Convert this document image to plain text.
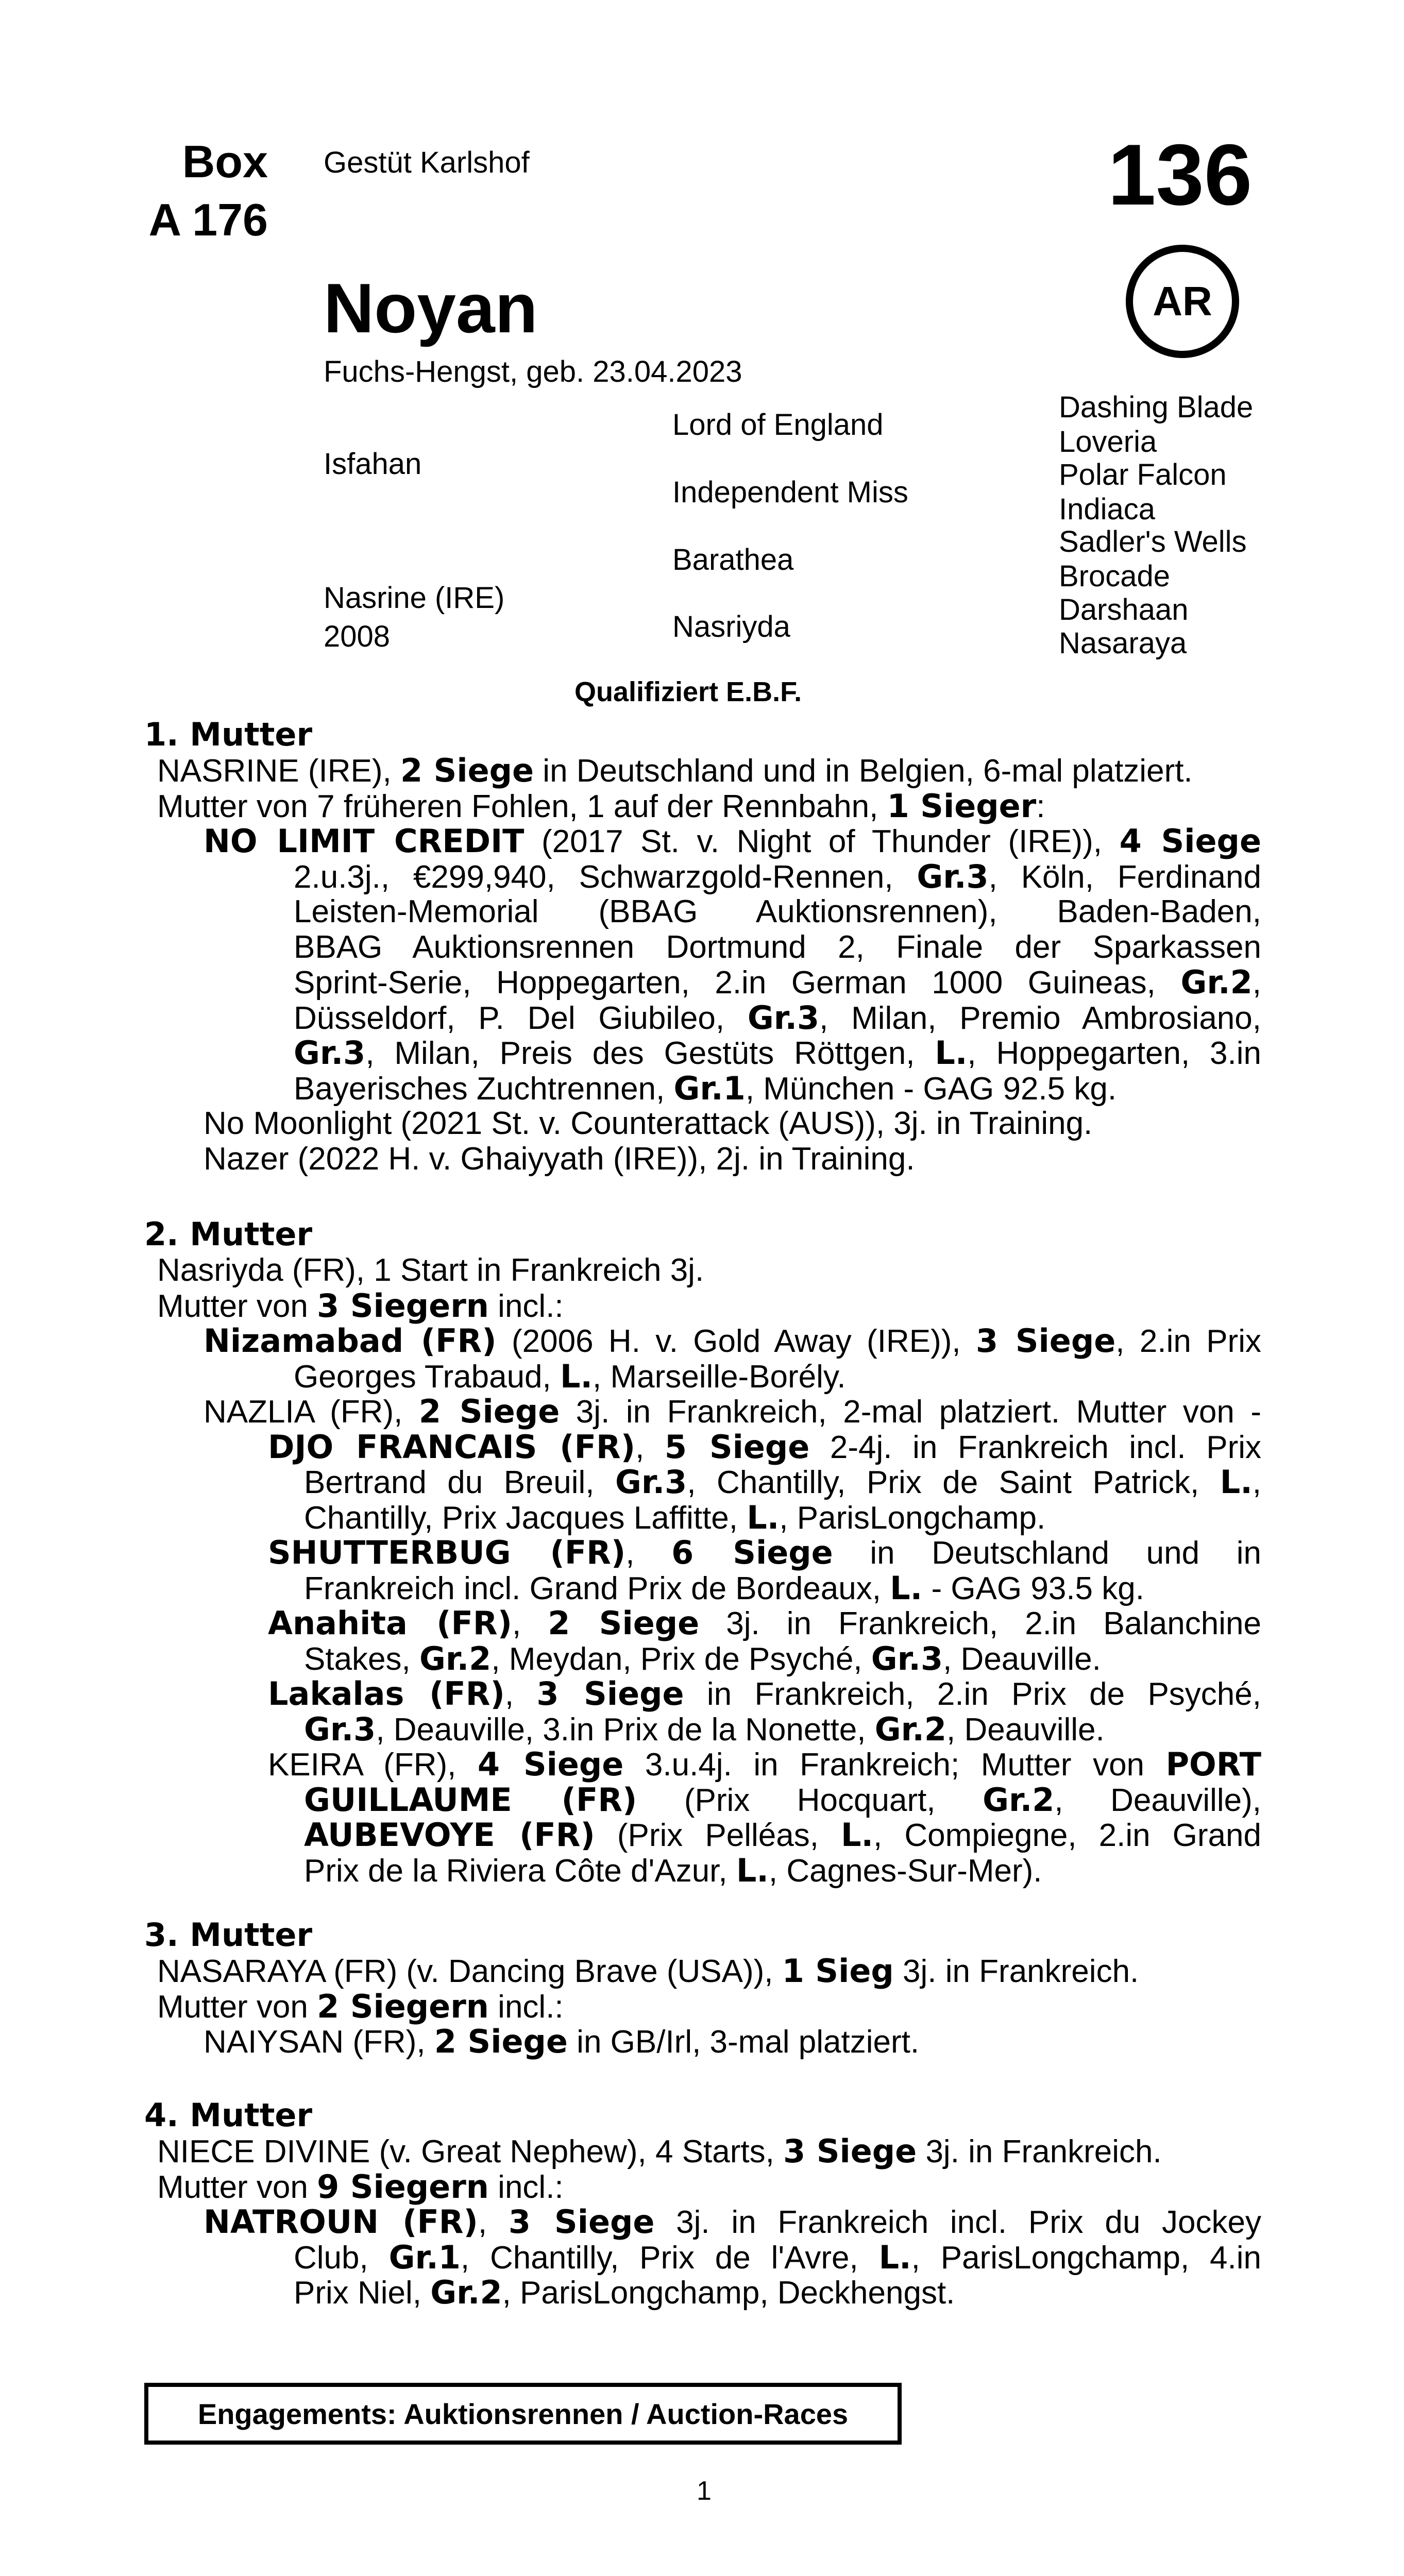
Box
A 176
Gestüt Karlshof	136
AR
Noyan
Fuchs-Hengst, geb. 23.04.2023
Isfahan
Nasrine (IRE)
2008
Lord of England
Independent Miss
Barathea
Nasriyda
Dashing Blade
Loveria
Polar Falcon
Indiaca
Sadler's Wells
Brocade
Darshaan
Nasaraya
Qualifiziert E.B.F.
1. Mutter
NASRINE (IRE), 2 Siege in Deutschland und in Belgien, 6-mal platziert.
Mutter von 7 früheren Fohlen, 1 auf der Rennbahn, 1 Sieger:
NO LIMIT CREDIT (2017 St. v. Night of Thunder (IRE)), 4 Siege
2.u.3j., €299,940, Schwarzgold-Rennen, Gr.3, Köln, Ferdinand
Leisten-Memorial (BBAG Auktionsrennen), Baden-Baden,
BBAG Auktionsrennen Dortmund 2, Finale der Sparkassen
Sprint-Serie, Hoppegarten, 2.in German 1000 Guineas, Gr.2,
Düsseldorf, P. Del Giubileo, Gr.3, Milan, Premio Ambrosiano,
Gr.3, Milan, Preis des Gestüts Röttgen, L., Hoppegarten, 3.in
Bayerisches Zuchtrennen, Gr.1, München - GAG 92.5 kg.
No Moonlight (2021 St. v. Counterattack (AUS)), 3j. in Training.
Nazer (2022 H. v. Ghaiyyath (IRE)), 2j. in Training.
2. Mutter
Nasriyda (FR), 1 Start in Frankreich 3j.
Mutter von 3 Siegern incl.:
Nizamabad (FR) (2006 H. v. Gold Away (IRE)), 3 Siege, 2.in Prix
Georges Trabaud, L., Marseille-Borély.
NAZLIA (FR), 2 Siege 3j. in Frankreich, 2-mal platziert. Mutter von -
DJO FRANCAIS (FR), 5 Siege 2-4j. in Frankreich incl. Prix
Bertrand du Breuil, Gr.3, Chantilly, Prix de Saint Patrick, L.,
Chantilly, Prix Jacques Laffitte, L., ParisLongchamp.
SHUTTERBUG (FR), 6 Siege in Deutschland und in
Frankreich incl. Grand Prix de Bordeaux, L. - GAG 93.5 kg.
Anahita (FR), 2 Siege 3j. in Frankreich, 2.in Balanchine
Stakes, Gr.2, Meydan, Prix de Psyché, Gr.3, Deauville.
Lakalas (FR), 3 Siege in Frankreich, 2.in Prix de Psyché,
Gr.3, Deauville, 3.in Prix de la Nonette, Gr.2, Deauville.
KEIRA (FR), 4 Siege 3.u.4j. in Frankreich; Mutter von PORT
GUILLAUME (FR) (Prix Hocquart, Gr.2, Deauville),
AUBEVOYE (FR) (Prix Pelléas, L., Compiegne, 2.in Grand
Prix de la Riviera Côte d'Azur, L., Cagnes-Sur-Mer).
3. Mutter
NASARAYA (FR) (v. Dancing Brave (USA)), 1 Sieg 3j. in Frankreich.
Mutter von 2 Siegern incl.:
NAIYSAN (FR), 2 Siege in GB/Irl, 3-mal platziert.
4. Mutter
NIECE DIVINE (v. Great Nephew), 4 Starts, 3 Siege 3j. in Frankreich.
Mutter von 9 Siegern incl.:
NATROUN (FR), 3 Siege 3j. in Frankreich incl. Prix du Jockey
Club, Gr.1, Chantilly, Prix de l'Avre, L., ParisLongchamp, 4.in
Prix Niel, Gr.2, ParisLongchamp, Deckhengst.
Engagements: Auktionsrennen / Auction-Races
1
